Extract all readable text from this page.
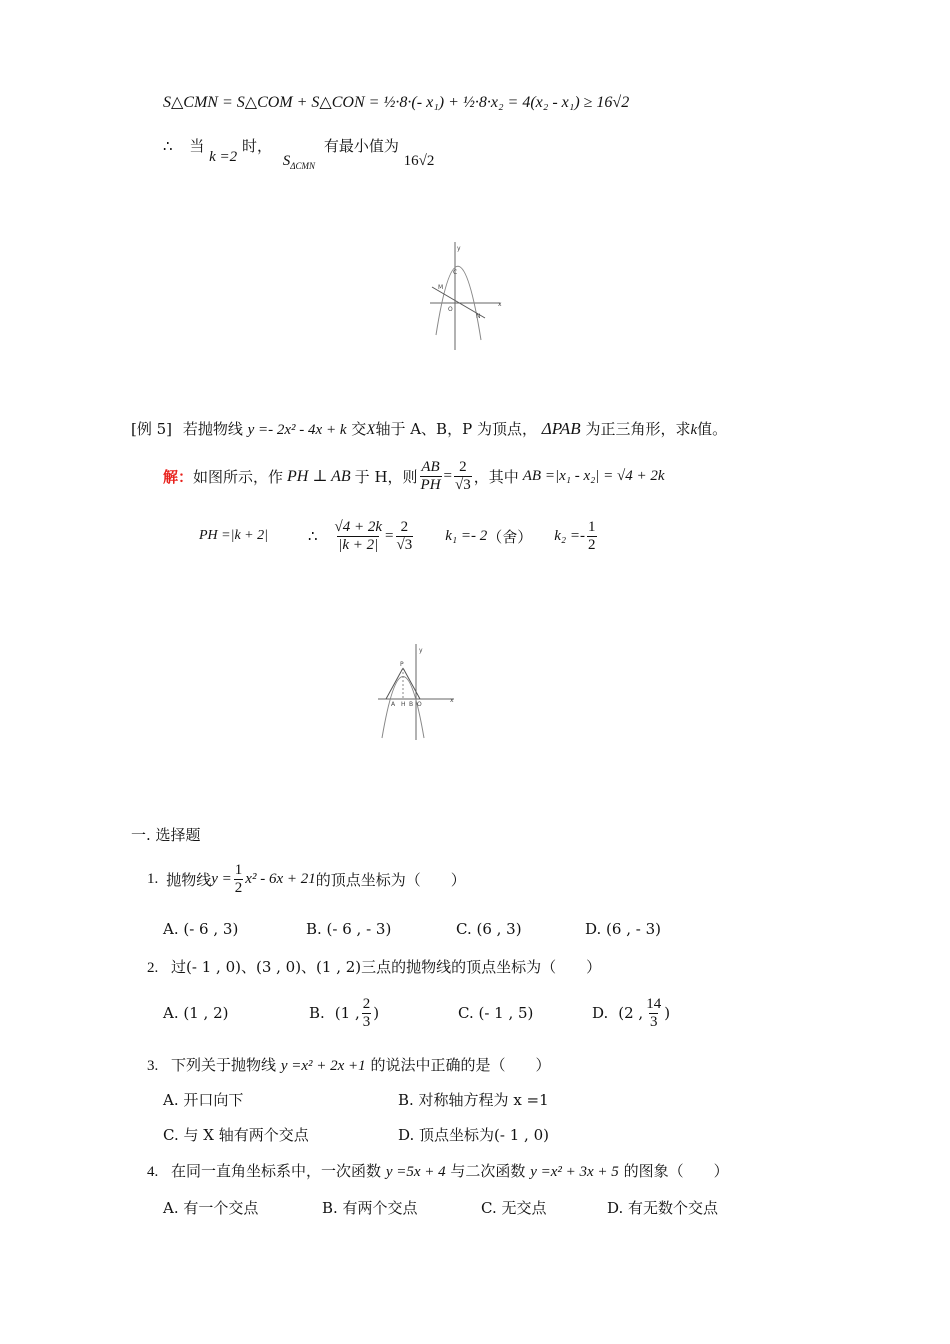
S△CMN = S△COM + S△CON = ½·8·(- x₁) + ½·8·x₂ = 4(x₂ - x₁) ≥ 16√2
∴ 当 k =2 时， $S_{\Delta CMN}$ 有最小值为 16√2
y
x
C
M
O
N
[例 5] 若抛物线 y =- 2x² - 4x + k 交X轴于 A、B，P 为顶点， ΔPAB 为正三角形，求k值。
解： 如图所示，作 PH ⊥ AB 于 H，则 $\frac{AB}{PH} = \frac{2}{√3}$ ，其中 AB =|x₁ - x₂| = √4 + 2k
PH =|k + 2|	∴ $\frac{√4 + 2k}{|k + 2|} = \frac{2}{√3} k_1 =- 2$ （舍） $k_2 =- \frac{1}{2}$
y
x
P
A H B O
一. 选择题
1. 抛物线 $y = \frac{1}{2} x^2 - 6x + 21$ 的顶点坐标为（　　）
A. (- 6 , 3)	B. (- 6 , - 3)	C. (6 , 3)	D. (6 , - 3)
2. 过(- 1 , 0)、(3 , 0)、(1 , 2)三点的抛物线的顶点坐标为（　　）
A. (1 , 2)	B. (1 , $\frac{2}{3}$ )	C. (- 1 , 5)	D. (2 , $\frac{14}{3}$ )
3. 下列关于抛物线 y =x² + 2x +1 的说法中正确的是（　　）
A. 开口向下	B. 对称轴方程为 x =1
C. 与 X 轴有两个交点	D. 顶点坐标为(- 1 , 0)
4. 在同一直角坐标系中，一次函数 y =5x + 4 与二次函数 y =x² + 3x + 5 的图象（　　）
A. 有一个交点	B. 有两个交点	C. 无交点	D. 有无数个交点
